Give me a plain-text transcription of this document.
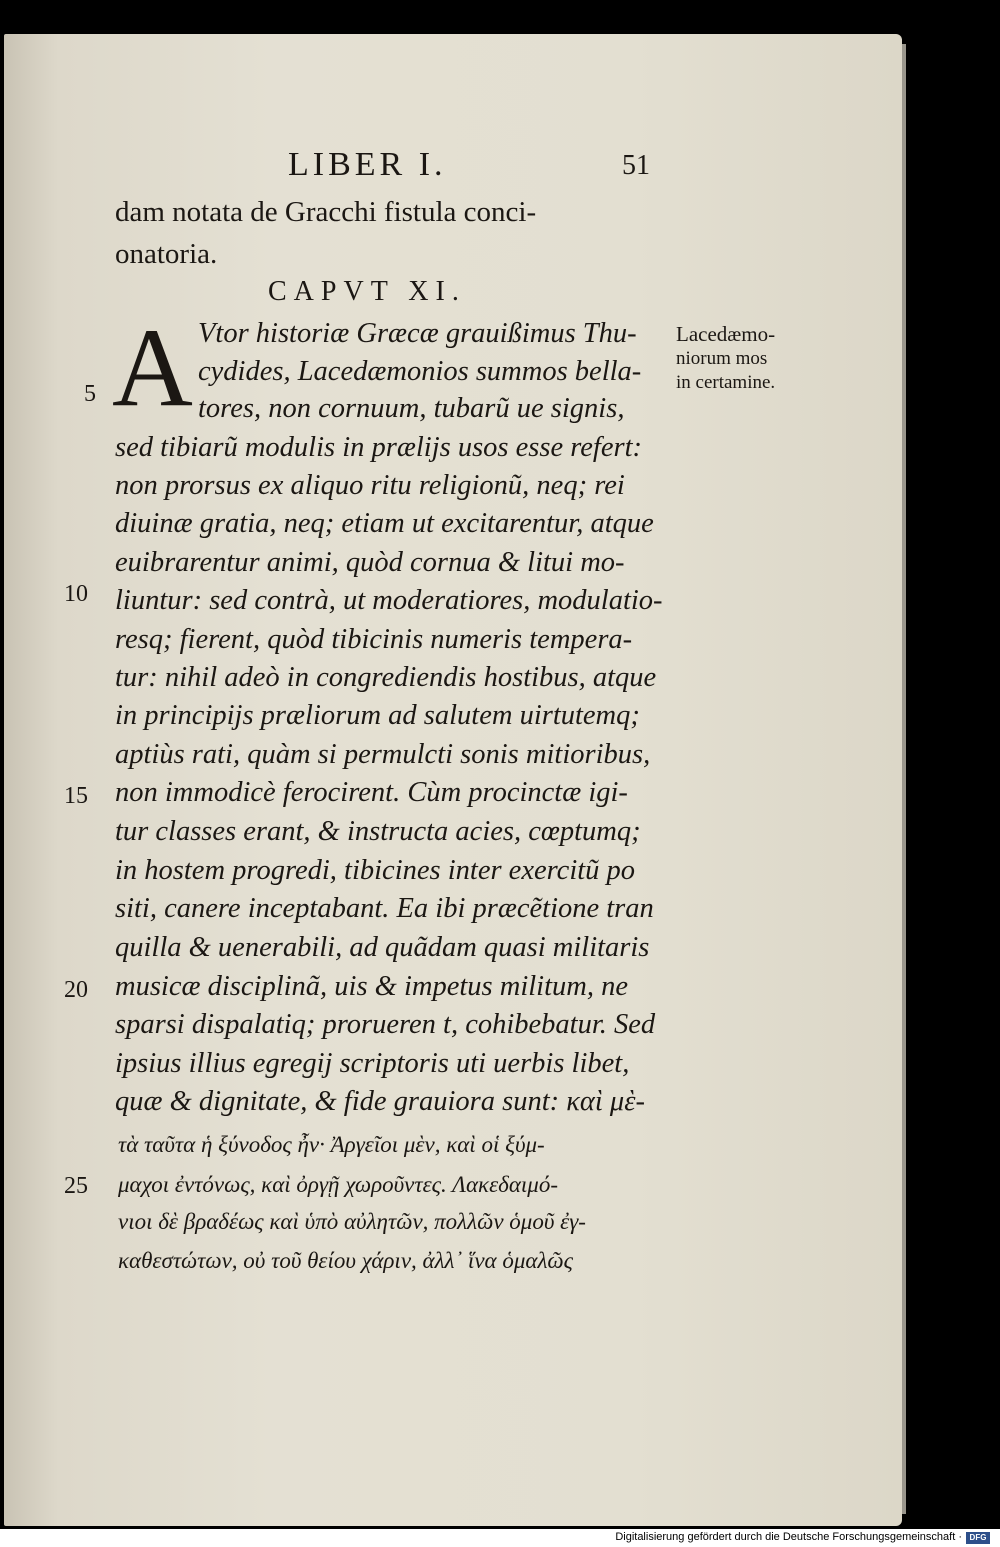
LIBER I.	51
dam notata de Gracchi fistula conci-
onatoria.
CAPVT XI.
A Vtor historiæ Græcæ grauißimus Thu-
cydides, Lacedæmonios summos bella-
tores, non cornuum, tubarũ ue signis,
sed tibiarũ modulis in prælijs usos esse refert:
non prorsus ex aliquo ritu religionũ, neq; rei
diuinæ gratia, neq; etiam ut excitarentur, atque
euibrarentur animi, quòd cornua & litui mo-
liuntur: sed contrà, ut moderatiores, modulatio-
resq; fierent, quòd tibicinis numeris tempera-
tur: nihil adeò in congrediendis hostibus, atque
in principijs præliorum ad salutem uirtutemq;
aptiùs rati, quàm si permulcti sonis mitioribus,
non immodicè ferocirent. Cùm procinctæ igi-
tur classes erant, & instructa acies, cœptumq;
in hostem progredi, tibicines inter exercitũ po
siti, canere inceptabant. Ea ibi præcẽtione tran
quilla & uenerabili, ad quãdam quasi militaris
musicæ disciplinã, uis & impetus militum, ne
sparsi dispalatiq; prorueren t, cohibebatur. Sed
ipsius illius egregij scriptoris uti uerbis libet,
quæ & dignitate, & fide grauiora sunt: καὶ μὲ-
τὰ ταῦτα ἡ ξύνοδος ἦν· Ἀργεῖοι μὲν, καὶ οἱ ξύμ-
μαχοι ἐντόνως, καὶ ὀργῇ χωροῦντες. Λακεδαιμό-
νιοι δὲ βραδέως καὶ ὑπὸ αὐλητῶν, πολλῶν ὁμοῦ ἐγ-
καθεστώτων, οὐ τοῦ θείου χάριν, ἀλλ᾽ ἵνα ὁμαλῶς
5
10
15
20
25
Lacedæmo-
niorum mos
in certamine.
Digitalisierung gefördert durch die Deutsche Forschungsgemeinschaft · DFG
